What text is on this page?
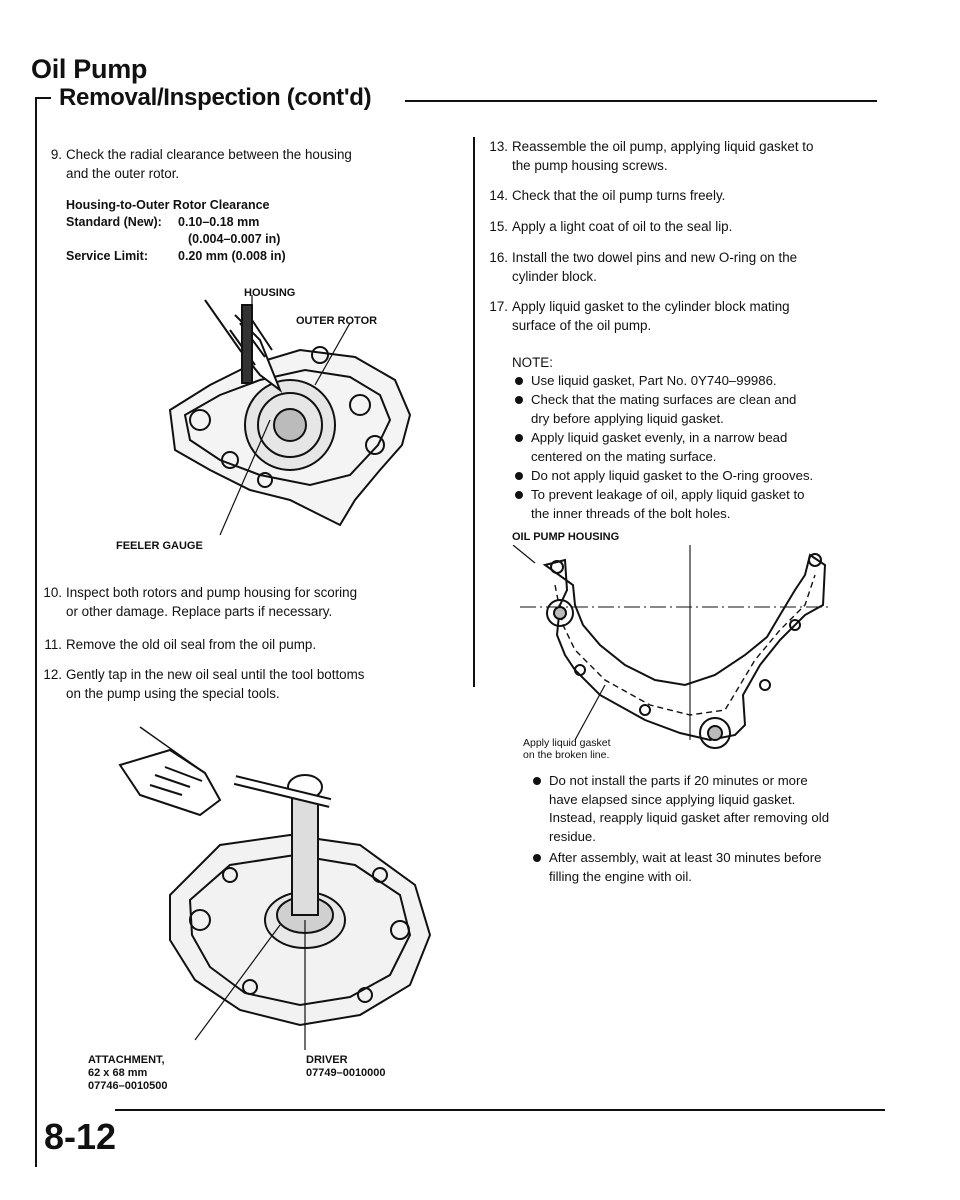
Oil Pump
Removal/Inspection (cont'd)
9. Check the radial clearance between the housing
and the outer rotor.
Housing-to-Outer Rotor Clearance
Standard (New): 0.10–0.18 mm
(0.004–0.007 in)
Service Limit: 0.20 mm (0.008 in)
HOUSING
OUTER ROTOR
FEELER GAUGE
10. Inspect both rotors and pump housing for scoring
or other damage. Replace parts if necessary.
11. Remove the old oil seal from the oil pump.
12. Gently tap in the new oil seal until the tool bottoms
on the pump using the special tools.
ATTACHMENT,
62 x 68 mm
07746–0010500
DRIVER
07749–0010000
13. Reassemble the oil pump, applying liquid gasket to
the pump housing screws.
14. Check that the oil pump turns freely.
15. Apply a light coat of oil to the seal lip.
16. Install the two dowel pins and new O-ring on the
cylinder block.
17. Apply liquid gasket to the cylinder block mating
surface of the oil pump.
NOTE:
Use liquid gasket, Part No. 0Y740–99986.
Check that the mating surfaces are clean and
dry before applying liquid gasket.
Apply liquid gasket evenly, in a narrow bead
centered on the mating surface.
Do not apply liquid gasket to the O-ring grooves.
To prevent leakage of oil, apply liquid gasket to
the inner threads of the bolt holes.
OIL PUMP HOUSING
Apply liquid gasket
on the broken line.
Do not install the parts if 20 minutes or more
have elapsed since applying liquid gasket.
Instead, reapply liquid gasket after removing old
residue.
After assembly, wait at least 30 minutes before
filling the engine with oil.
8-12
